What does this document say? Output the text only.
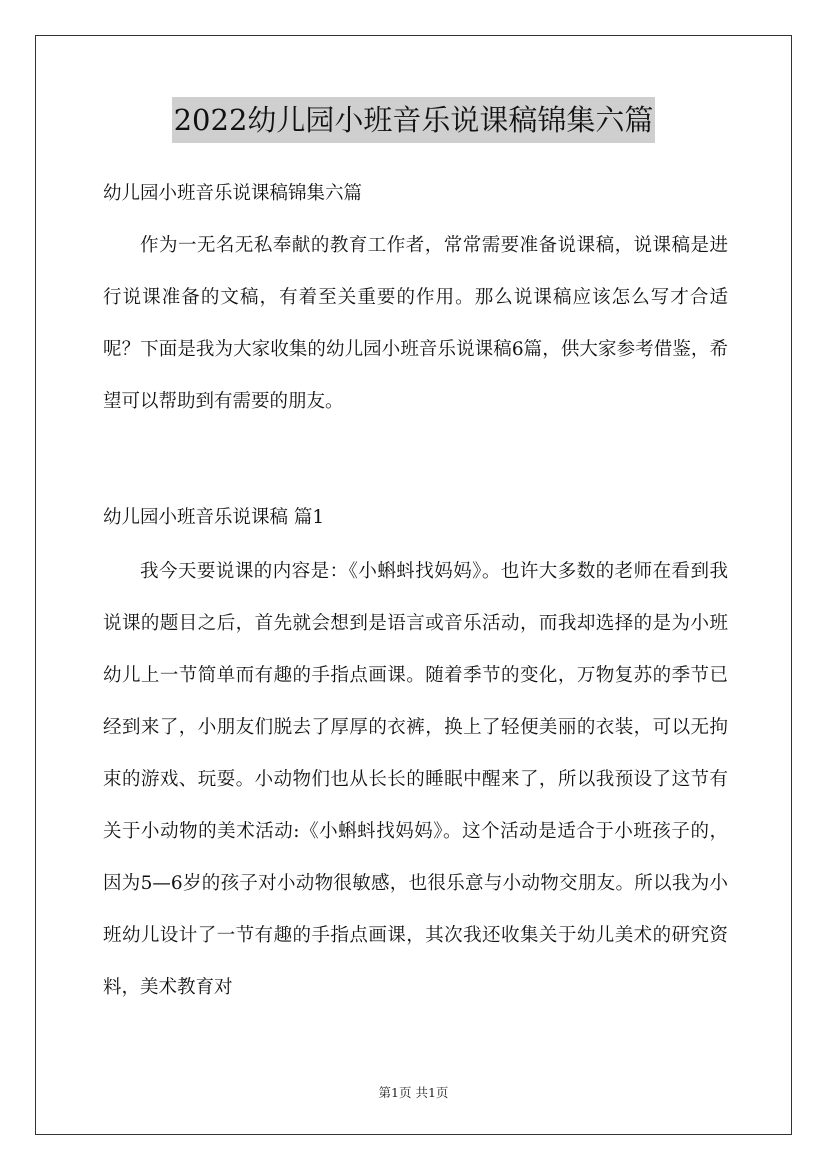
2022幼儿园小班音乐说课稿锦集六篇

幼儿园小班音乐说课稿锦集六篇

作为一无名无私奉献的教育工作者，常常需要准备说课稿，说课稿是进行说课准备的文稿，有着至关重要的作用。那么说课稿应该怎么写才合适呢？下面是我为大家收集的幼儿园小班音乐说课稿6篇，供大家参考借鉴，希望可以帮助到有需要的朋友。

幼儿园小班音乐说课稿 篇1

我今天要说课的内容是：《小蝌蚪找妈妈》。也许大多数的老师在看到我说课的题目之后，首先就会想到是语言或音乐活动，而我却选择的是为小班幼儿上一节简单而有趣的手指点画课。随着季节的变化，万物复苏的季节已经到来了，小朋友们脱去了厚厚的衣裤，换上了轻便美丽的衣装，可以无拘束的游戏、玩耍。小动物们也从长长的睡眠中醒来了，所以我预设了这节有关于小动物的美术活动:《小蝌蚪找妈妈》。这个活动是适合于小班孩子的，因为5—6岁的孩子对小动物很敏感，也很乐意与小动物交朋友。所以我为小班幼儿设计了一节有趣的手指点画课，其次我还收集关于幼儿美术的研究资料，美术教育对

第1页 共1页
